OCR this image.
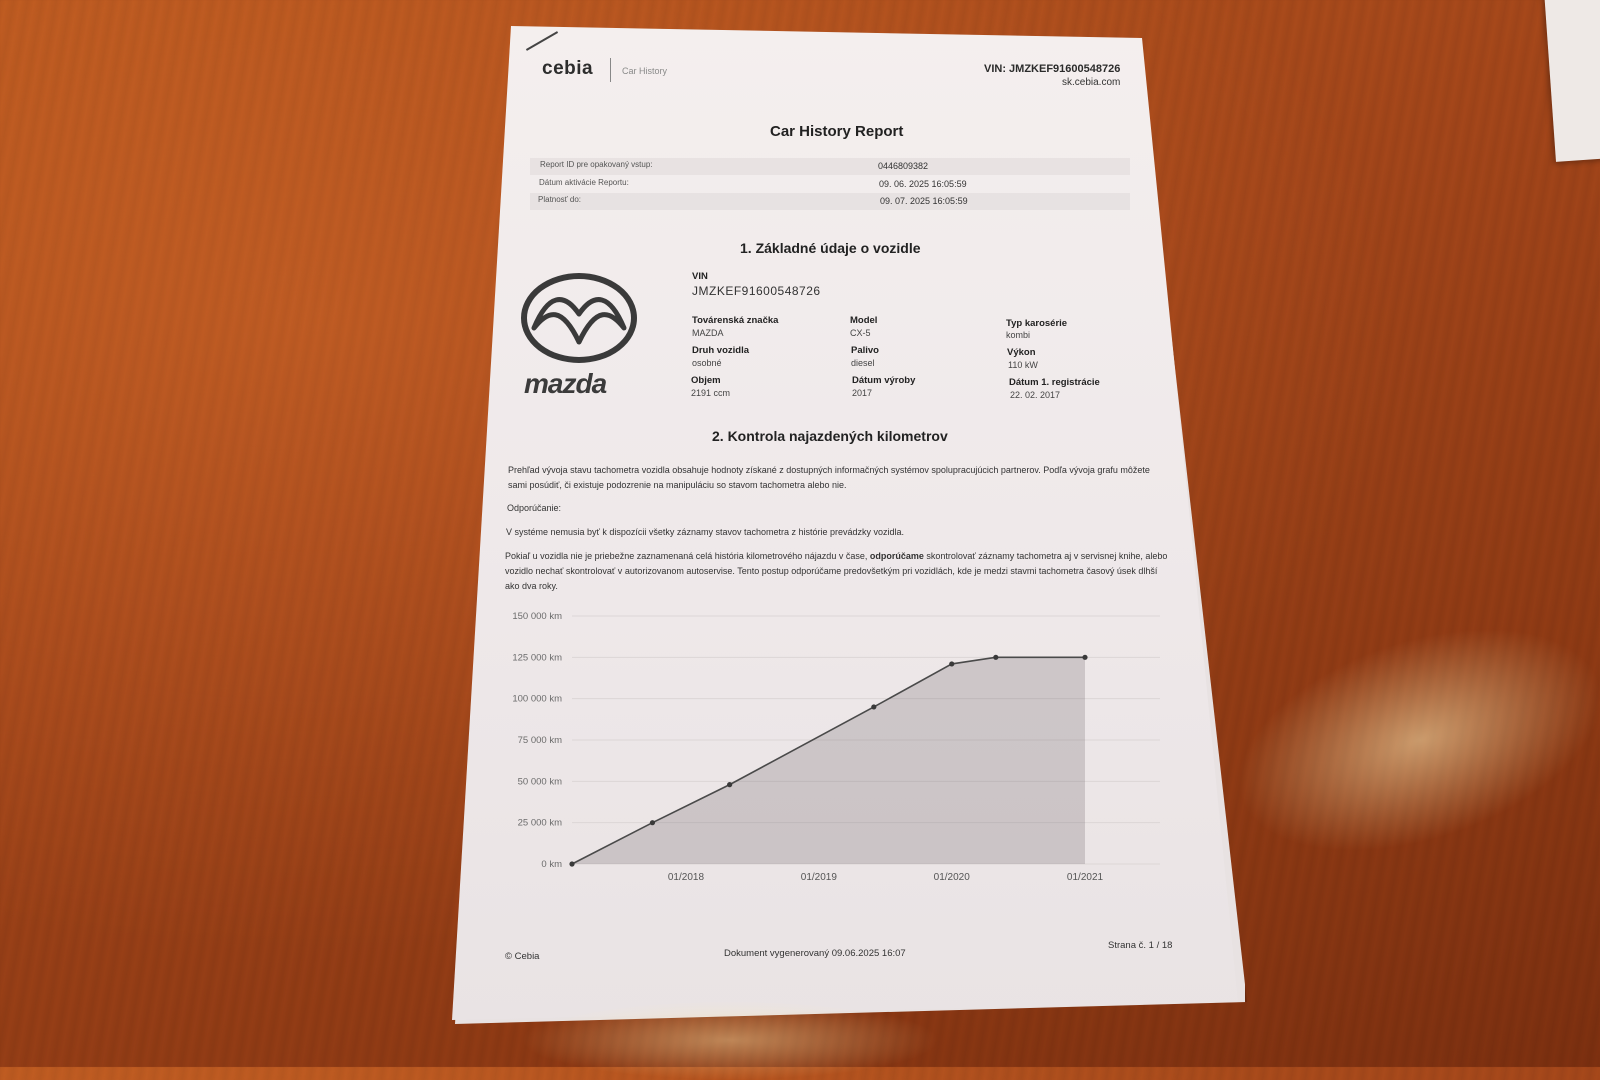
cebia	Car History	VIN: JMZKEF91600548726
sk.cebia.com
Car History Report
Report ID pre opakovaný vstup:	0446809382
Dátum aktivácie Reportu:	09. 06. 2025 16:05:59
Platnosť do:	09. 07. 2025 16:05:59
1. Základné údaje o vozidle
mazda
VIN
JMZKEF91600548726
Továrenská značka
MAZDA
Model
CX-5
Typ karosérie
kombi
Druh vozidla
osobné
Palivo
diesel
Výkon
110 kW
Objem
2191 ccm
Dátum výroby
2017
Dátum 1. registrácie
22. 02. 2017
2. Kontrola najazdených kilometrov
Prehľad vývoja stavu tachometra vozidla obsahuje hodnoty získané z dostupných informačných systémov spolupracujúcich partnerov. Podľa vývoja grafu môžete sami posúdiť, či existuje podozrenie na manipuláciu so stavom tachometra alebo nie.
Odporúčanie:
V systéme nemusia byť k dispozícii všetky záznamy stavov tachometra z histórie prevádzky vozidla.
Pokiaľ u vozidla nie je priebežne zaznamenaná celá história kilometrového nájazdu v čase, odporúčame skontrolovať záznamy tachometra aj v servisnej knihe, alebo vozidlo nechať skontrolovať v autorizovanom autoservise. Tento postup odporúčame predovšetkým pri vozidlách, kde je medzi stavmi tachometra časový úsek dlhší ako dva roky.
0 km
25 000 km
50 000 km
75 000 km
100 000 km
125 000 km
150 000 km
01/2018	01/2019	01/2020	01/2021
© Cebia	Dokument vygenerovaný 09.06.2025 16:07
Strana č. 1 / 18
